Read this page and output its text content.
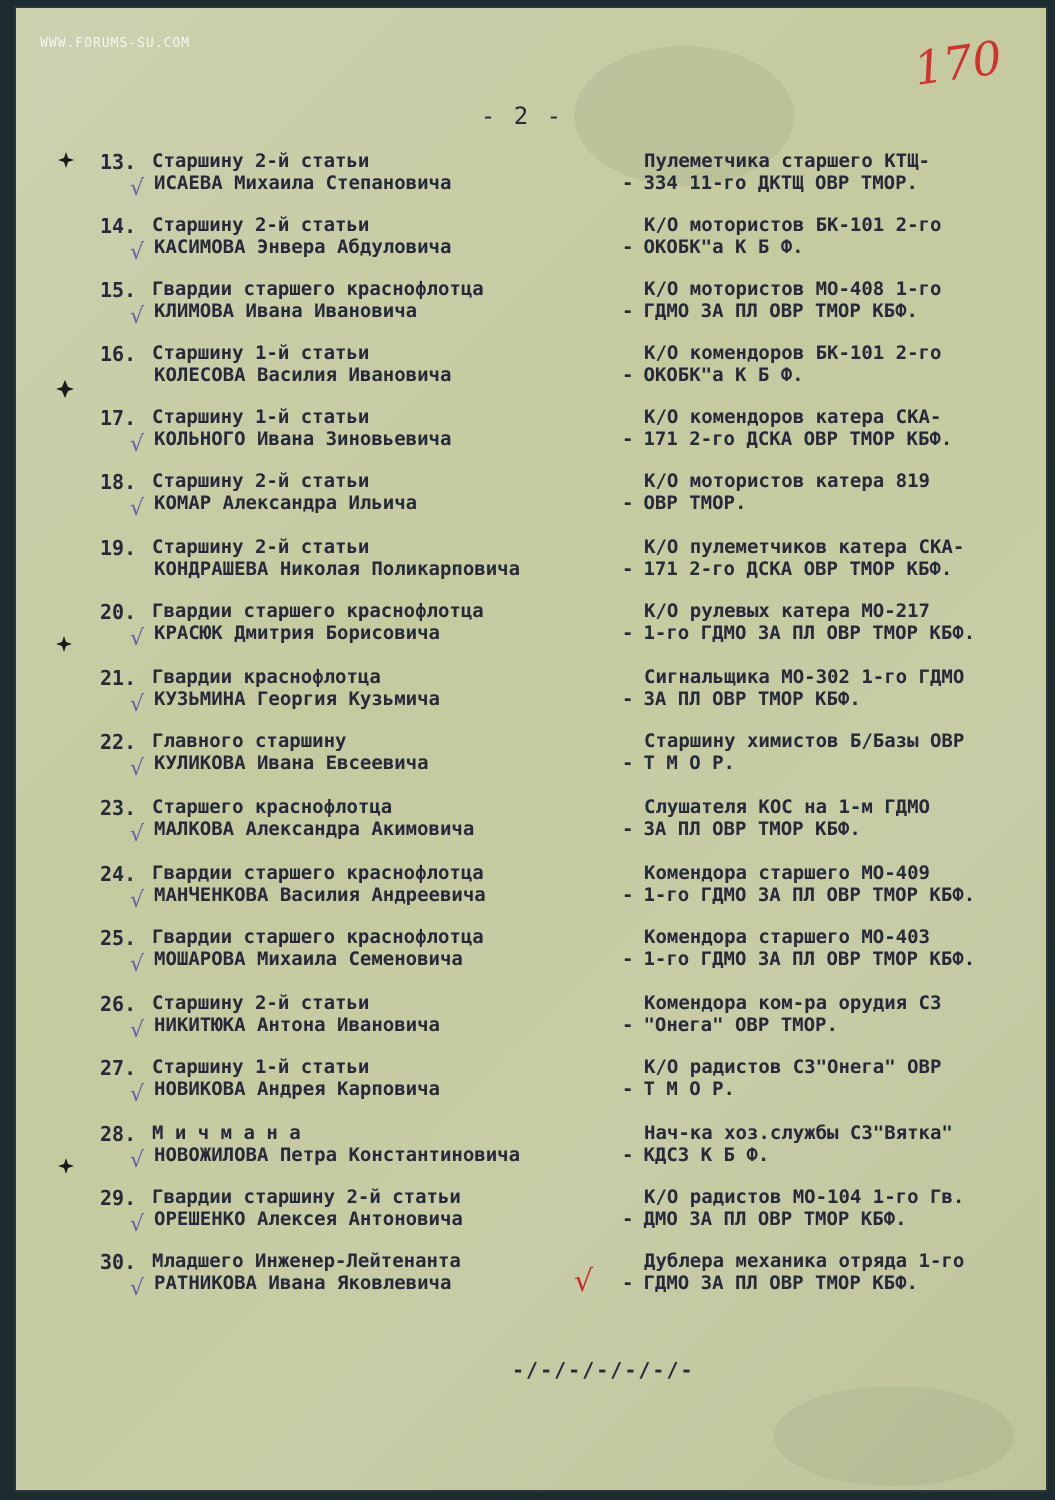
WWW.FORUMS-SU.COM	170
- 2 -
13. Старшину 2-й статьи
√ ИСАЕВА Михаила Степановича
Пулеметчика старшего КТЩ-
- 334 11-го ДКТЩ ОВР ТМОР.
14. Старшину 2-й статьи
√ КАСИМОВА Энвера Абдуловича
К/О мотористов БК-101 2-го
- ОКОБК"а К Б Ф.
15. Гвардии старшего краснофлотца
√ КЛИМОВА Ивана Ивановича
К/О мотористов МО-408 1-го
- ГДМО ЗА ПЛ ОВР ТМОР КБФ.
16. Старшину 1-й статьи
КОЛЕСОВА Василия Ивановича
К/О комендоров БК-101 2-го
- ОКОБК"а К Б Ф.
17. Старшину 1-й статьи
√ КОЛЬНОГО Ивана Зиновьевича
К/О комендоров катера СКА-
- 171 2-го ДСКА ОВР ТМОР КБФ.
18. Старшину 2-й статьи
√ КОМАР Александра Ильича
К/О мотористов катера 819
- ОВР ТМОР.
19. Старшину 2-й статьи
КОНДРАШЕВА Николая Поликарповича
К/О пулеметчиков катера СКА-
- 171 2-го ДСКА ОВР ТМОР КБФ.
20. Гвардии старшего краснофлотца
√ КРАСЮК Дмитрия Борисовича
К/О рулевых катера МО-217
- 1-го ГДМО ЗА ПЛ ОВР ТМОР КБФ.
21. Гвардии краснофлотца
√ КУЗЬМИНА Георгия Кузьмича
Сигнальщика МО-302 1-го ГДМО
- ЗА ПЛ ОВР ТМОР КБФ.
22. Главного старшину
√ КУЛИКОВА Ивана Евсеевича
Старшину химистов Б/Базы ОВР
- Т М О Р.
23. Старшего краснофлотца
√ МАЛКОВА Александра Акимовича
Слушателя КОС на 1-м ГДМО
- ЗА ПЛ ОВР ТМОР КБФ.
24. Гвардии старшего краснофлотца
√ МАНЧЕНКОВА Василия Андреевича
Комендора старшего МО-409
- 1-го ГДМО ЗА ПЛ ОВР ТМОР КБФ.
25. Гвардии старшего краснофлотца
√ МОШАРОВА Михаила Семеновича
Комендора старшего МО-403
- 1-го ГДМО ЗА ПЛ ОВР ТМОР КБФ.
26. Старшину 2-й статьи
√ НИКИТЮКА Антона Ивановича
Комендора ком-ра орудия СЗ
- "Онега" ОВР ТМОР.
27. Старшину 1-й статьи
√ НОВИКОВА Андрея Карповича
К/О радистов СЗ"Онега" ОВР
- Т М О Р.
28. М и ч м а н а
√ НОВОЖИЛОВА Петра Константиновича
Нач-ка хоз.службы СЗ"Вятка"
- КДСЗ К Б Ф.
29. Гвардии старшину 2-й статьи
√ ОРЕШЕНКО Алексея Антоновича
К/О радистов МО-104 1-го Гв.
- ДМО ЗА ПЛ ОВР ТМОР КБФ.
30. Младшего Инженер-Лейтенанта
√ РАТНИКОВА Ивана Яковлевича
Дублера механика отряда 1-го
- ГДМО ЗА ПЛ ОВР ТМОР КБФ.
√
-/-/-/-/-/-/-
